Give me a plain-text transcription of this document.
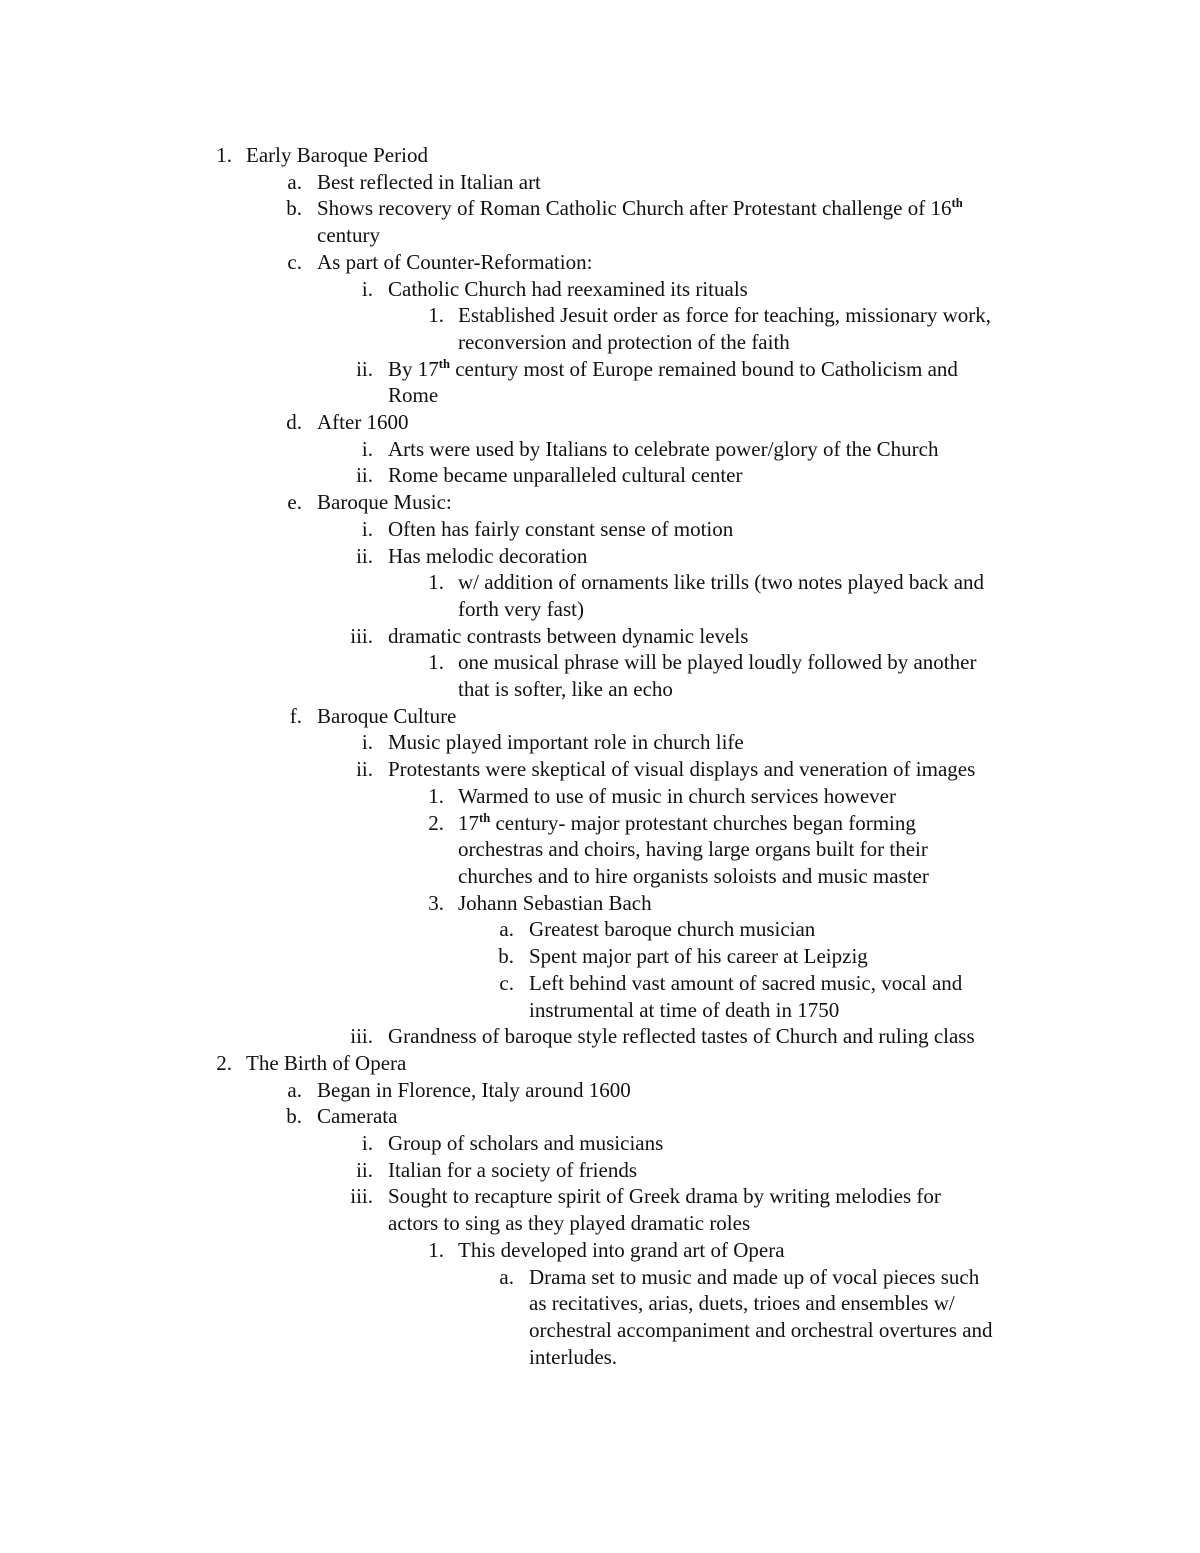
1. Early Baroque Period
a. Best reflected in Italian art
b. Shows recovery of Roman Catholic Church after Protestant challenge of 16th
century
c. As part of Counter-Reformation:
i. Catholic Church had reexamined its rituals
1. Established Jesuit order as force for teaching, missionary work,
reconversion and protection of the faith
ii. By 17th century most of Europe remained bound to Catholicism and
Rome
d. After 1600
i. Arts were used by Italians to celebrate power/glory of the Church
ii. Rome became unparalleled cultural center
e. Baroque Music:
i. Often has fairly constant sense of motion
ii. Has melodic decoration
1. w/ addition of ornaments like trills (two notes played back and
forth very fast)
iii. dramatic contrasts between dynamic levels
1. one musical phrase will be played loudly followed by another
that is softer, like an echo
f. Baroque Culture
i. Music played important role in church life
ii. Protestants were skeptical of visual displays and veneration of images
1. Warmed to use of music in church services however
2. 17th century- major protestant churches began forming
orchestras and choirs, having large organs built for their
churches and to hire organists soloists and music master
3. Johann Sebastian Bach
a. Greatest baroque church musician
b. Spent major part of his career at Leipzig
c. Left behind vast amount of sacred music, vocal and
instrumental at time of death in 1750
iii. Grandness of baroque style reflected tastes of Church and ruling class
2. The Birth of Opera
a. Began in Florence, Italy around 1600
b. Camerata
i. Group of scholars and musicians
ii. Italian for a society of friends
iii. Sought to recapture spirit of Greek drama by writing melodies for
actors to sing as they played dramatic roles
1. This developed into grand art of Opera
a. Drama set to music and made up of vocal pieces such
as recitatives, arias, duets, trioes and ensembles w/
orchestral accompaniment and orchestral overtures and
interludes.
